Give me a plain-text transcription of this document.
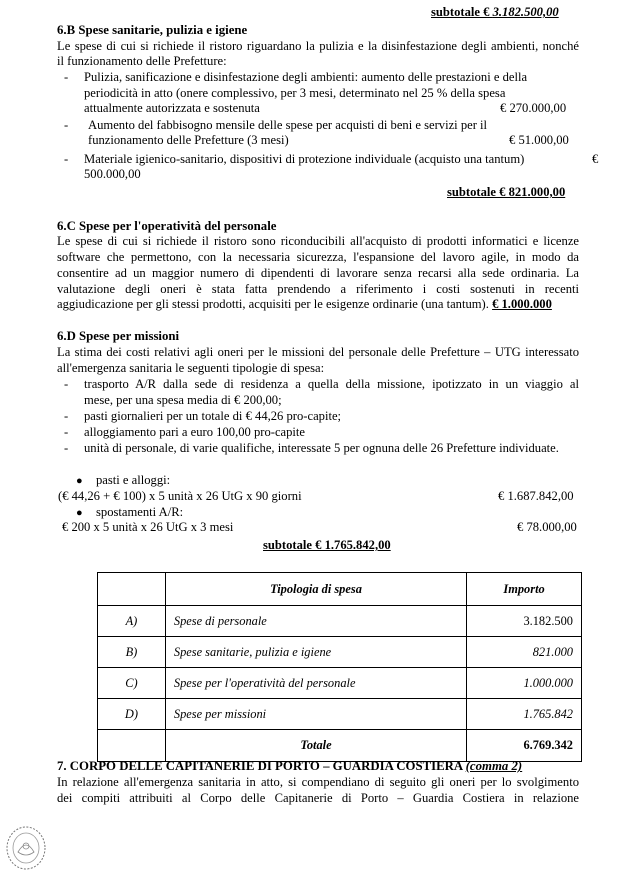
subtotale € 3.182.500,00
6.B Spese sanitarie, pulizia e igiene
Le spese di cui si richiede il ristoro riguardano la pulizia e la disinfestazione degli ambienti, nonché
il funzionamento delle Prefetture:
- Pulizia, sanificazione e disinfestazione degli ambienti: aumento delle prestazioni e della
periodicità in atto (onere complessivo, per 3 mesi, determinato nel 25 % della spesa
attualmente autorizzata e sostenuta	€ 270.000,00
- Aumento del fabbisogno mensile delle spese per acquisti di beni e servizi per il
funzionamento delle Prefetture (3 mesi)	€ 51.000,00
- Materiale igienico-sanitario, dispositivi di protezione individuale (acquisto una tantum)	€
500.000,00
subtotale € 821.000,00
6.C Spese per l'operatività del personale
Le spese di cui si richiede il ristoro sono riconducibili all'acquisto di prodotti informatici e licenze
software che permettono, con la necessaria sicurezza, l'espansione del lavoro agile, in modo da
consentire ad un maggior numero di dipendenti di lavorare senza recarsi alla sede ordinaria. La
valutazione degli oneri è stata fatta prendendo a riferimento i costi sostenuti in recenti
aggiudicazione per gli stessi prodotti, acquisiti per le esigenze ordinarie (una tantum). € 1.000.000
6.D Spese per missioni
La stima dei costi relativi agli oneri per le missioni del personale delle Prefetture – UTG interessato
all'emergenza sanitaria le seguenti tipologie di spesa:
- trasporto A/R dalla sede di residenza a quella della missione, ipotizzato in un viaggio al
mese, per una spesa media di € 200,00;
- pasti giornalieri per un totale di € 44,26 pro-capite;
- alloggiamento pari a euro 100,00 pro-capite
- unità di personale, di varie qualifiche, interessate 5 per ognuna delle 26 Prefetture individuate.
● pasti e alloggi:
(€ 44,26 + € 100) x 5 unità x 26 UtG x 90 giorni	€ 1.687.842,00
● spostamenti A/R:
€ 200 x 5 unità x 26 UtG x 3 mesi	€ 78.000,00
subtotale € 1.765.842,00
	Tipologia di spesa	Importo
A)	Spese di personale	3.182.500
B)	Spese sanitarie, pulizia e igiene	821.000
C)	Spese per l'operatività del personale	1.000.000
D)	Spese per missioni	1.765.842
	Totale	6.769.342
7. CORPO DELLE CAPITANERIE DI PORTO – GUARDIA COSTIERA (comma 2)
In relazione all'emergenza sanitaria in atto, si compendiano di seguito gli oneri per lo svolgimento
dei compiti attribuiti al Corpo delle Capitanerie di Porto – Guardia Costiera in relazione
